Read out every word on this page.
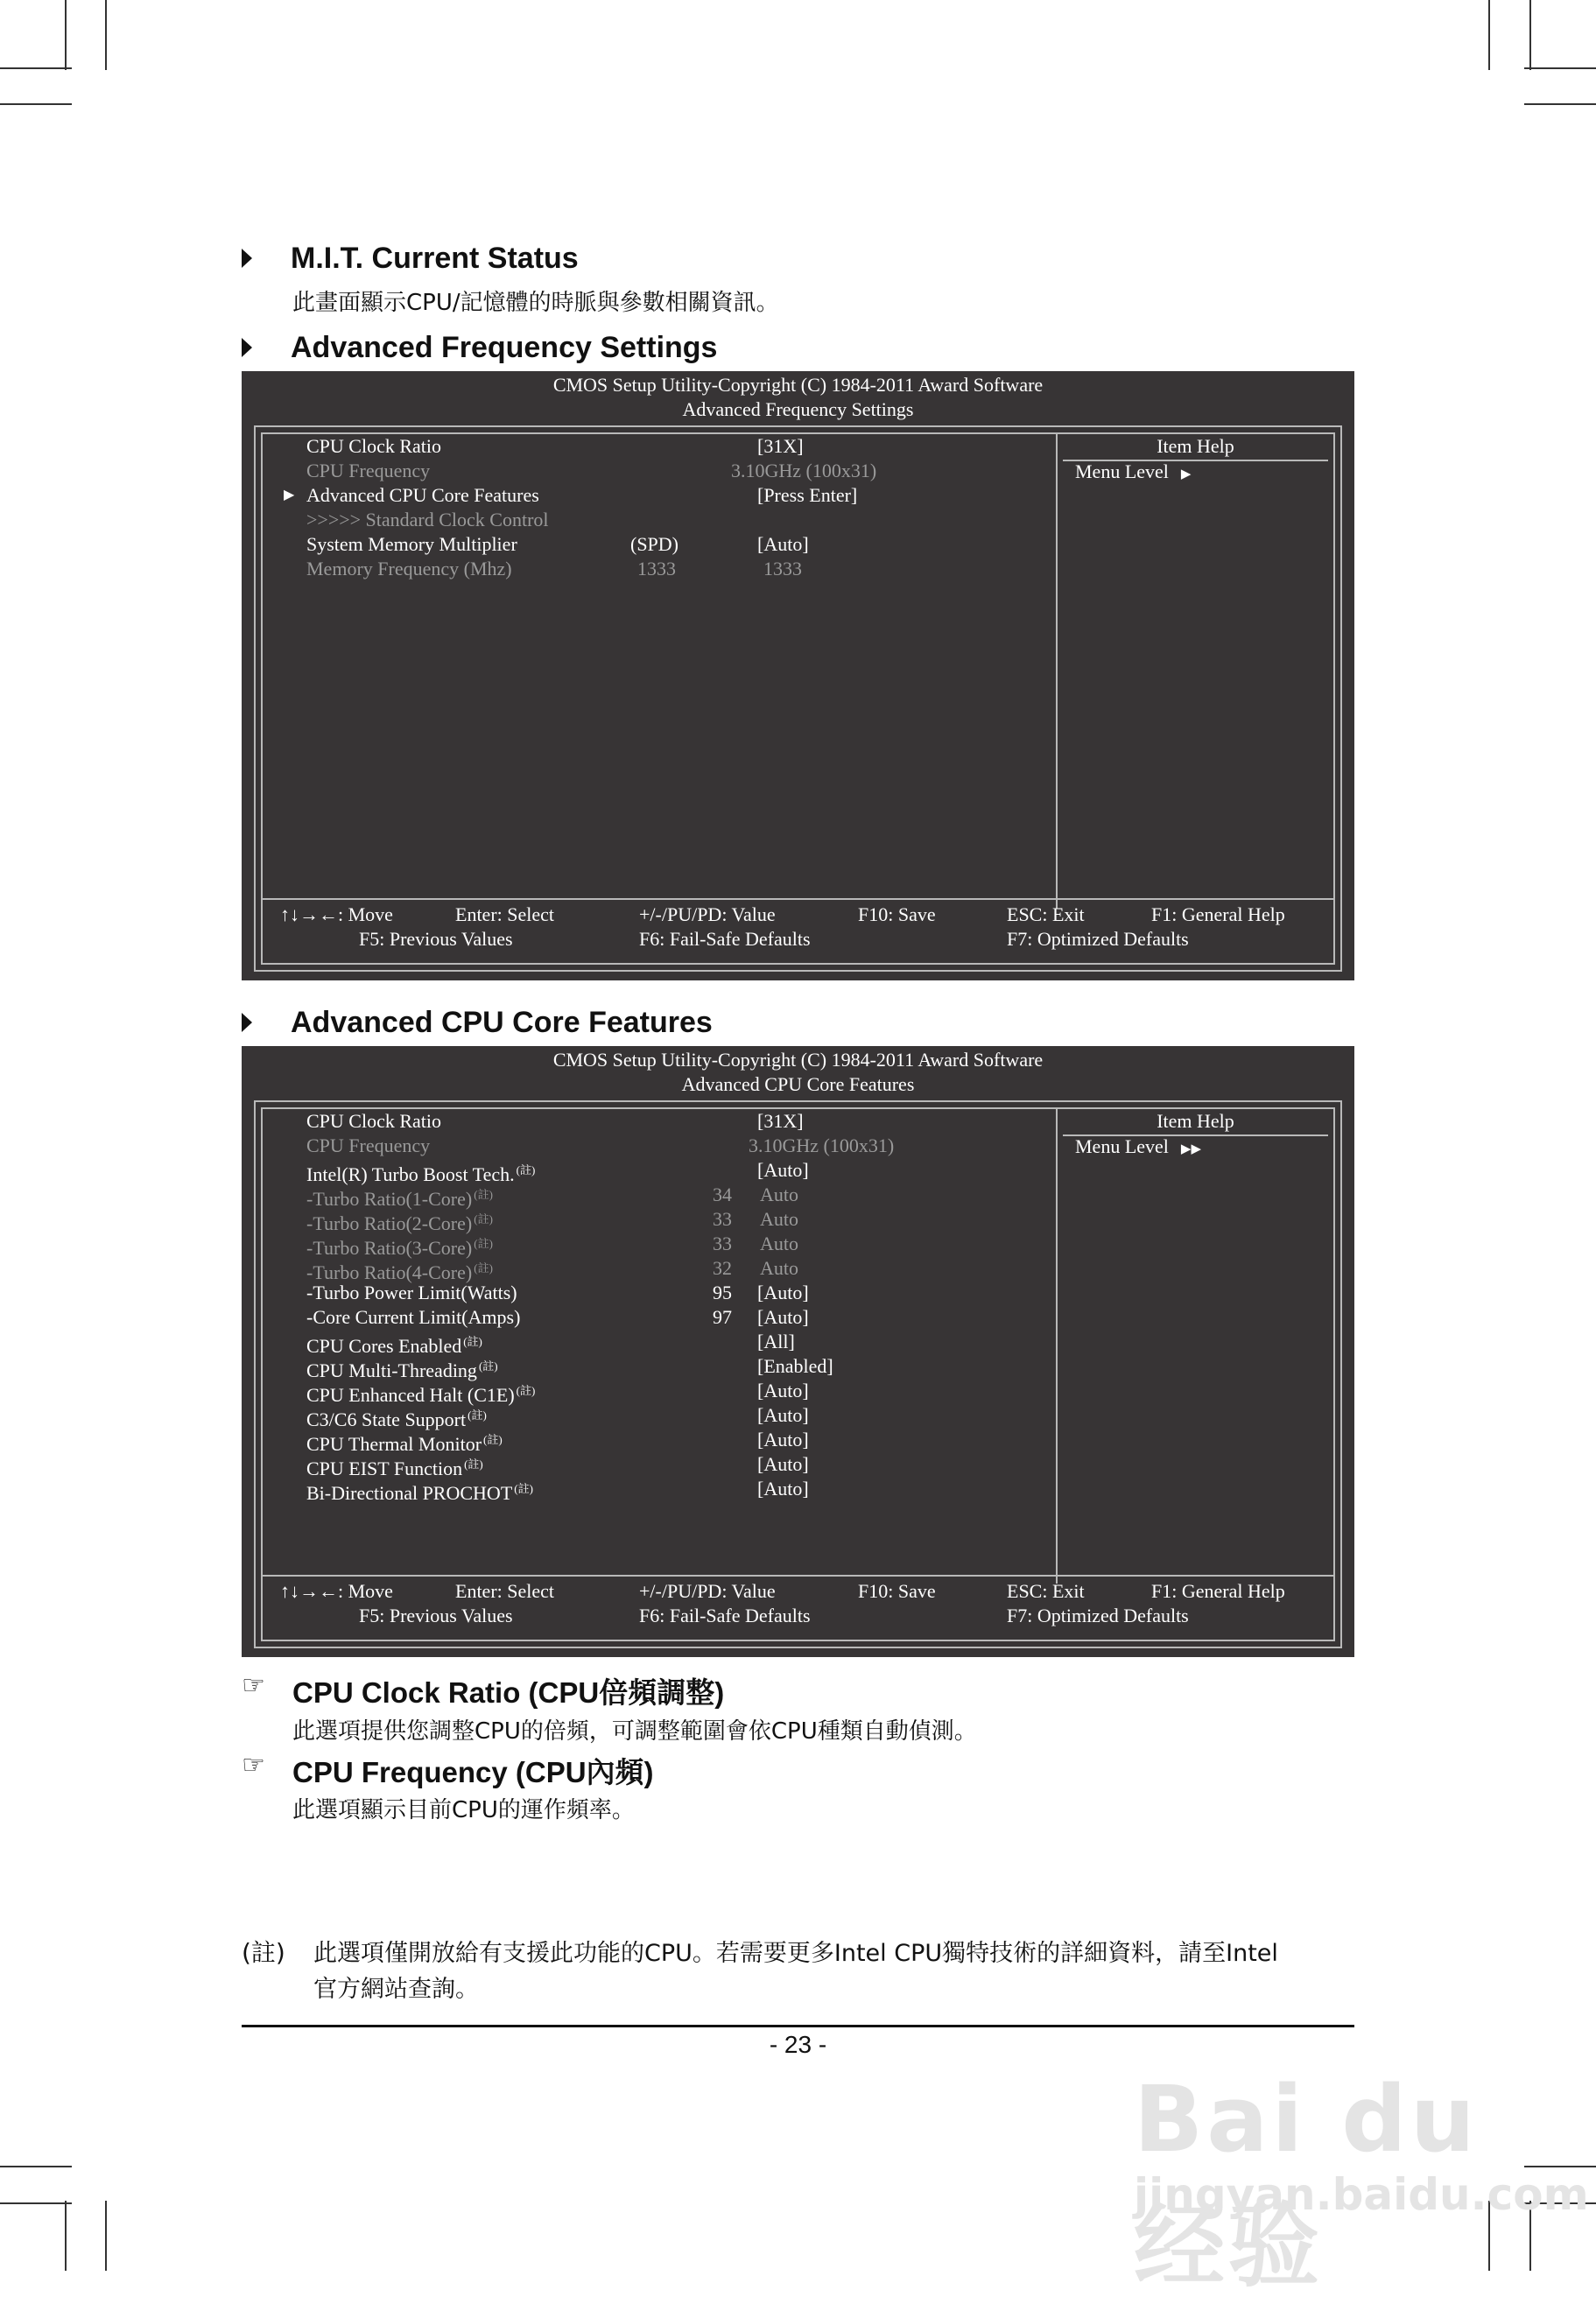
M.I.T. Current Status
此畫面顯示CPU/記憶體的時脈與參數相關資訊。
Advanced Frequency Settings
CMOS Setup Utility-Copyright (C) 1984-2011 Award Software
Advanced Frequency Settings
CPU Clock Ratio	[31X]
CPU Frequency	3.10GHz (100x31)
▶ Advanced CPU Core Features	[Press Enter]
>>>>> Standard Clock Control
System Memory Multiplier	(SPD)	[Auto]
Memory Frequency (Mhz)	1333	1333
Item Help
Menu Level ▶
↑↓→←: Move	Enter: Select	+/-/PU/PD: Value	F10: Save	ESC: Exit	F1: General Help
F5: Previous Values	F6: Fail-Safe Defaults	F7: Optimized Defaults
Advanced CPU Core Features
CMOS Setup Utility-Copyright (C) 1984-2011 Award Software
Advanced CPU Core Features
CPU Clock Ratio	[31X]
CPU Frequency	3.10GHz (100x31)
Intel(R) Turbo Boost Tech. $^{(註)}$	[Auto]
-Turbo Ratio(1-Core) $^{(註)}$	34 Auto
-Turbo Ratio(2-Core) $^{(註)}$	33 Auto
-Turbo Ratio(3-Core) $^{(註)}$	33 Auto
-Turbo Ratio(4-Core) $^{(註)}$	32 Auto
-Turbo Power Limit(Watts)	95 [Auto]
-Core Current Limit(Amps)	97 [Auto]
CPU Cores Enabled $^{(註)}$	[All]
CPU Multi-Threading $^{(註)}$	[Enabled]
CPU Enhanced Halt (C1E) $^{(註)}$	[Auto]
C3/C6 State Support $^{(註)}$	[Auto]
CPU Thermal Monitor $^{(註)}$	[Auto]
CPU EIST Function $^{(註)}$	[Auto]
Bi-Directional PROCHOT $^{(註)}$	[Auto]
Item Help
Menu Level ▶▶
↑↓→←: Move	Enter: Select	+/-/PU/PD: Value	F10: Save	ESC: Exit	F1: General Help
F5: Previous Values	F6: Fail-Safe Defaults	F7: Optimized Defaults
☞ CPU Clock Ratio (CPU倍頻調整)
此選項提供您調整CPU的倍頻，可調整範圍會依CPU種類自動偵測。
☞ CPU Frequency (CPU內頻)
此選項顯示目前CPU的運作頻率。
(註) 此選項僅開放給有支援此功能的CPU。若需要更多Intel CPU獨特技術的詳細資料，請至Intel
官方網站查詢。
- 23 -
Bai du 经验
jingyan.baidu.com
